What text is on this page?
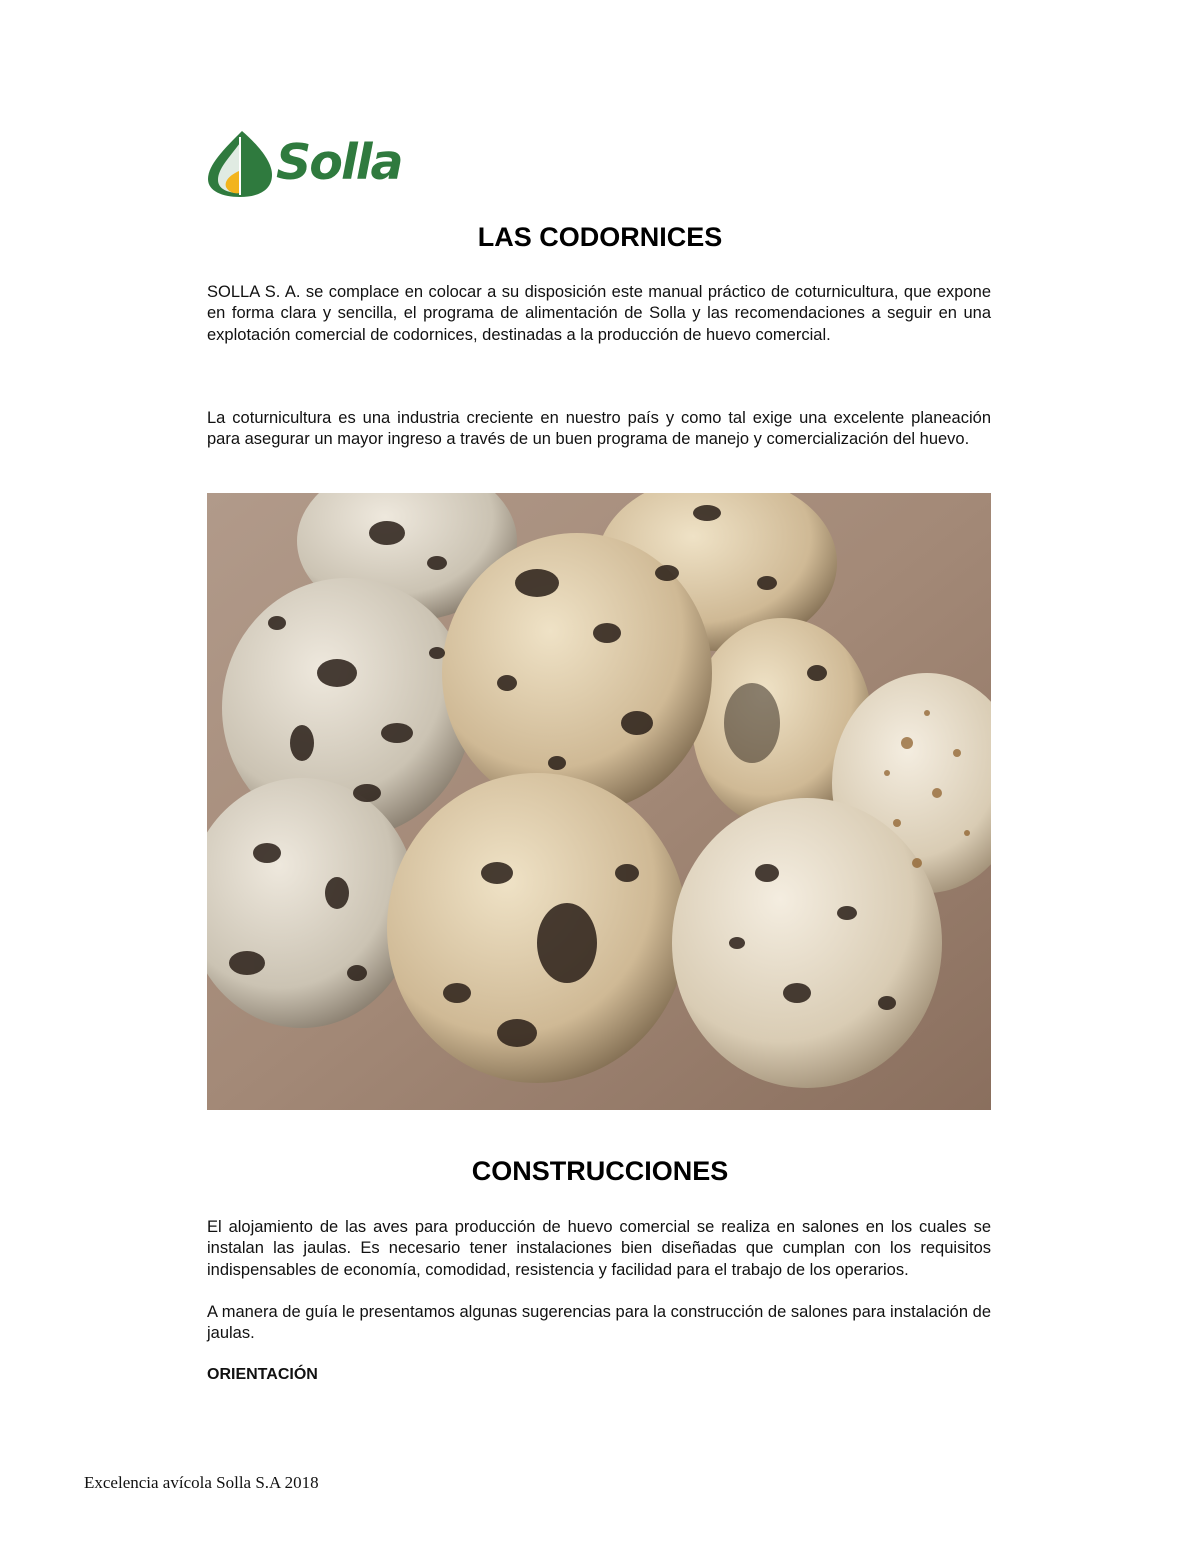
Solla
LAS CODORNICES
SOLLA S. A. se complace en colocar a su disposición este manual práctico de coturnicultura, que expone en forma clara y sencilla, el programa de alimentación de Solla y las recomendaciones a seguir en una explotación comercial de codornices, destinadas a la producción de huevo comercial.
La coturnicultura es una industria creciente en nuestro país y como tal exige una excelente planeación para asegurar un mayor ingreso a través de un buen programa de manejo y comercialización del huevo.
CONSTRUCCIONES
El alojamiento de las aves para producción de huevo comercial se realiza en salones en los cuales se instalan las jaulas. Es necesario tener instalaciones bien diseñadas que cumplan con los requisitos indispensables de economía, comodidad, resistencia y facilidad para el trabajo de los operarios.
A manera de guía le presentamos algunas sugerencias para la construcción de salones para instalación de jaulas.
ORIENTACIÓN
Excelencia avícola Solla S.A 2018
